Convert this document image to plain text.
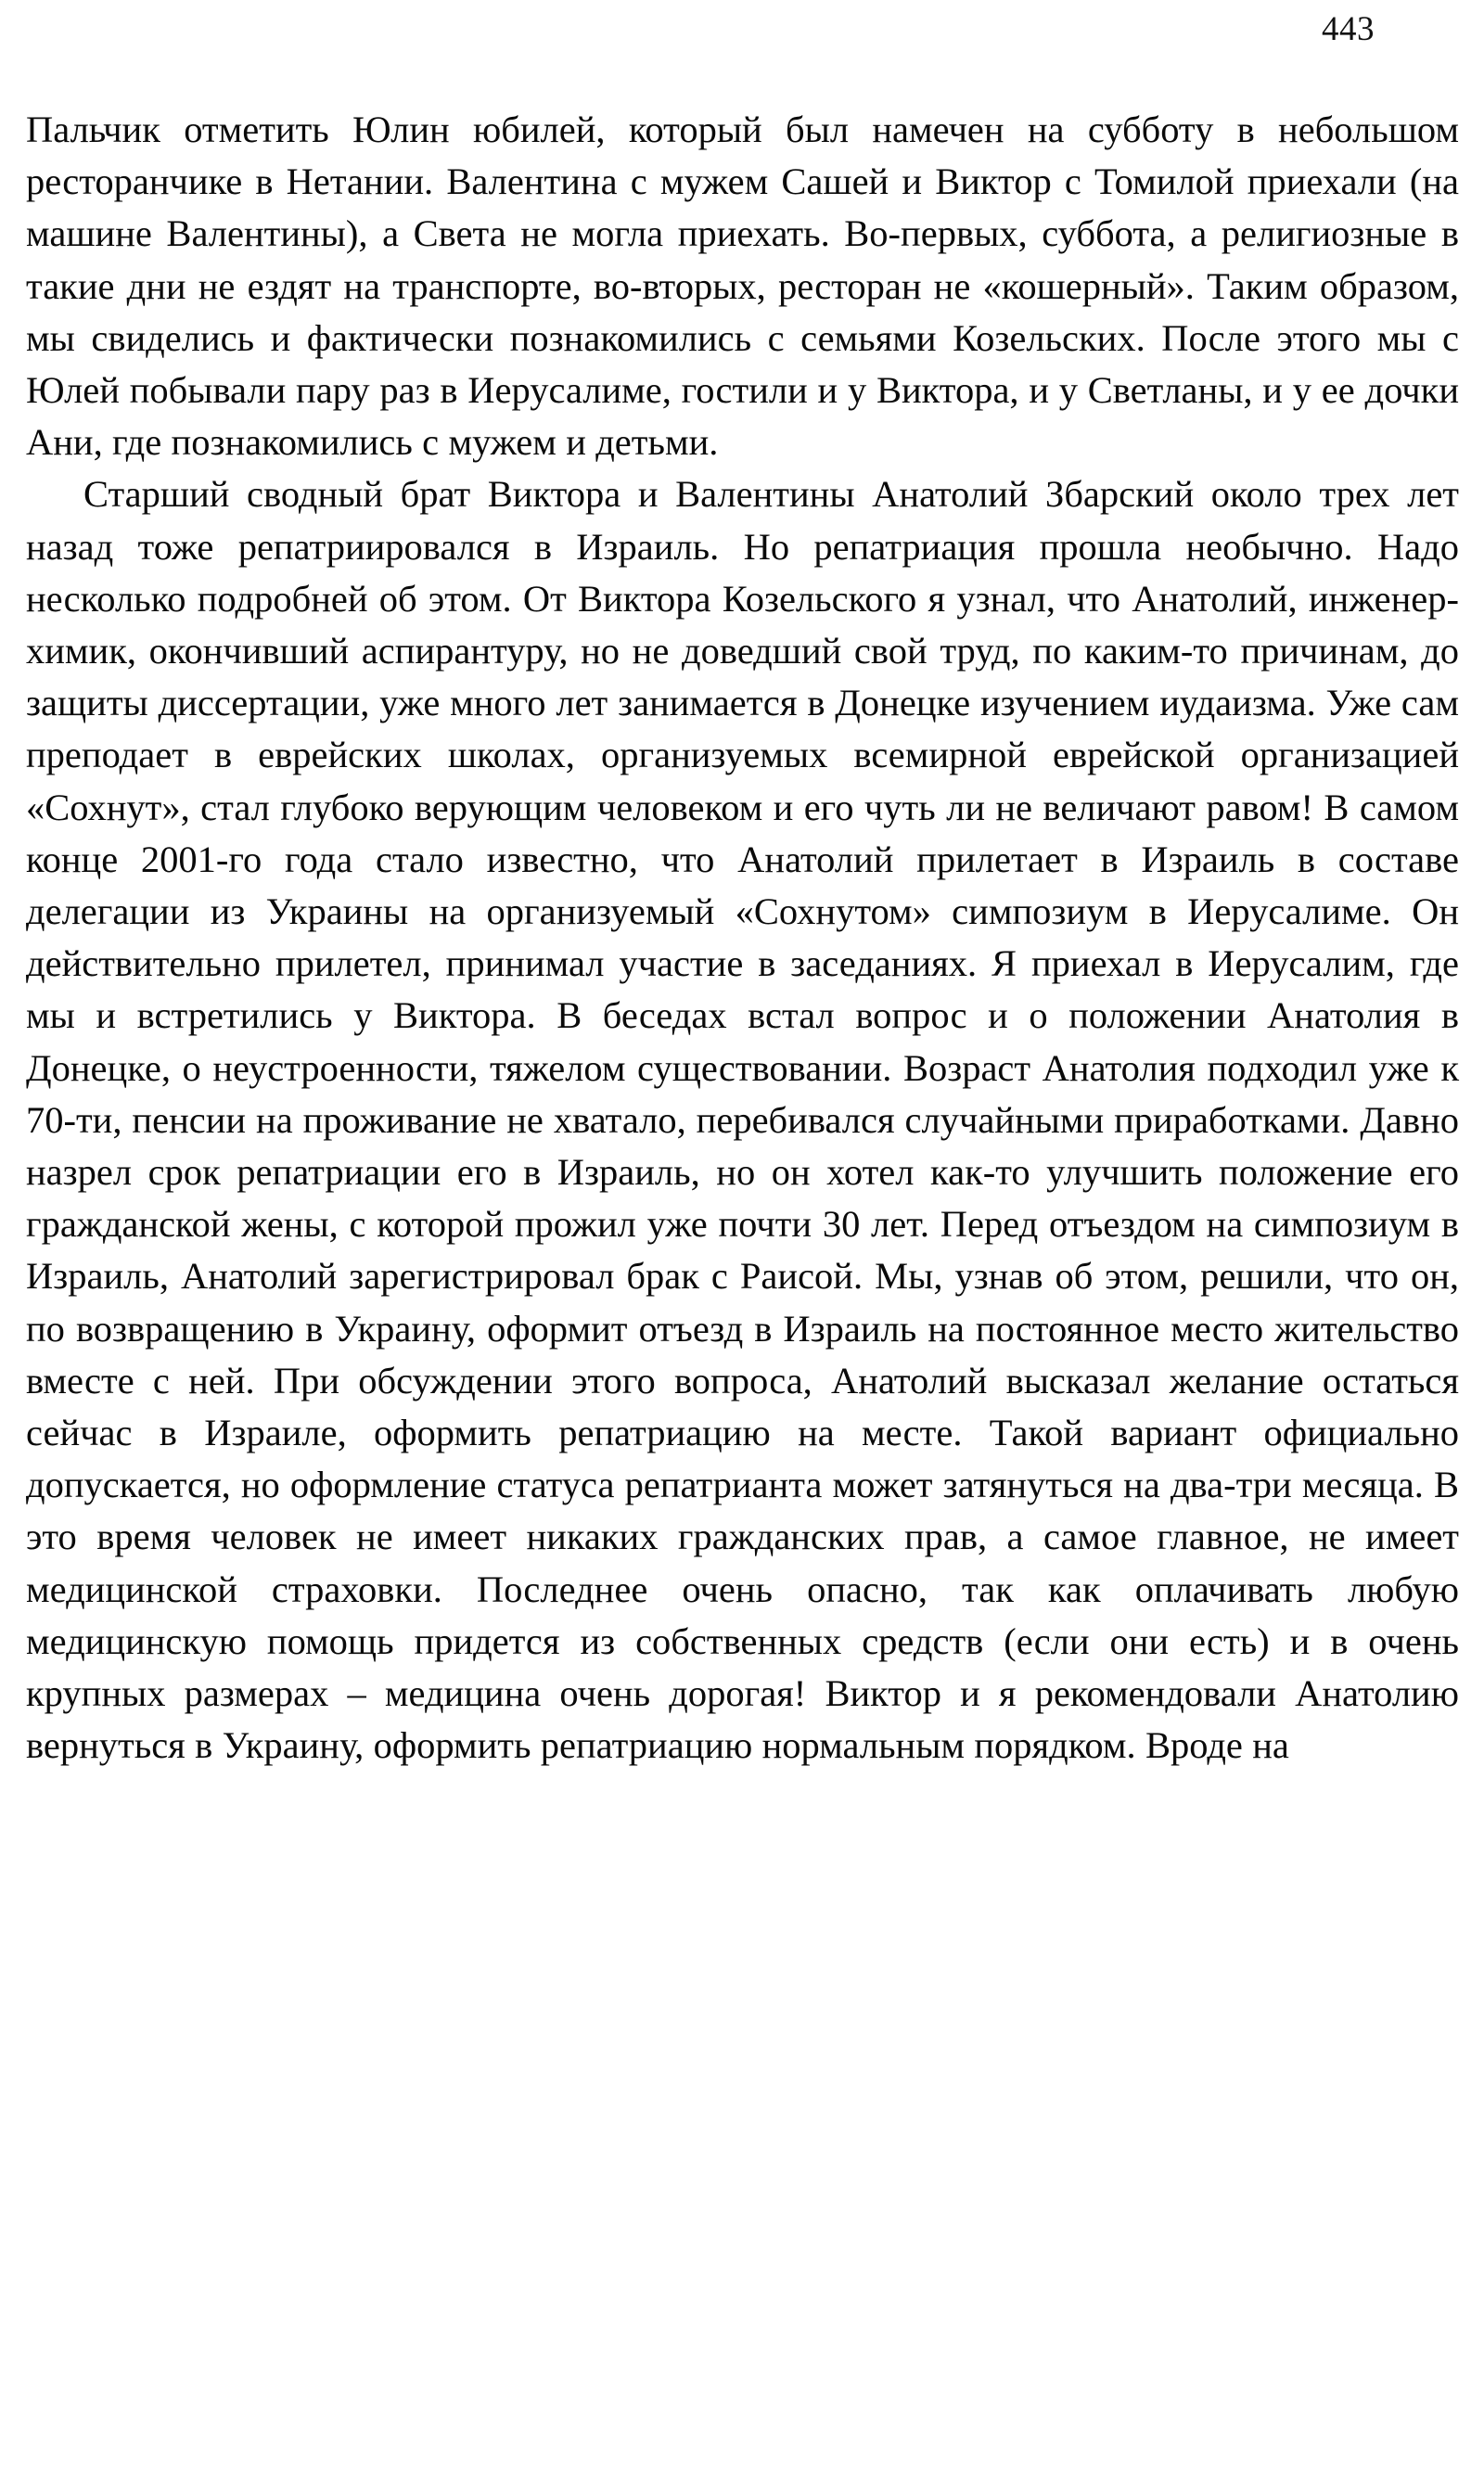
443

Пальчик отметить Юлин юбилей, который был намечен на субботу в небольшом ресторанчике в Нетании. Валентина с мужем Сашей и Виктор с Томилой приехали (на машине Валентины), а Света не могла приехать. Во-первых, суббота, а религиозные в такие дни не ездят на транспорте, во-вторых, ресторан не «кошерный». Таким образом, мы свиделись и фактически познакомились с семьями Козельских. После этого мы с Юлей побывали пару раз в Иерусалиме, гостили и у Виктора, и у Светланы, и у ее дочки Ани, где познакомились с мужем и детьми.

Старший сводный брат Виктора и Валентины Анатолий Збарский около трех лет назад тоже репатриировался в Израиль. Но репатриация прошла необычно. Надо несколько подробней об этом. От Виктора Козельского я узнал, что Анатолий, инженер-химик, окончивший аспирантуру, но не доведший свой труд, по каким-то причинам, до защиты диссертации, уже много лет занимается в Донецке изучением иудаизма. Уже сам преподает в еврейских школах, организуемых всемирной еврейской организацией «Сохнут», стал глубоко верующим человеком и его чуть ли не величают равом! В самом конце 2001-го года стало известно, что Анатолий прилетает в Израиль в составе делегации из Украины на организуемый «Сохнутом» симпозиум в Иерусалиме. Он действительно прилетел, принимал участие в заседаниях. Я приехал в Иерусалим, где мы и встретились у Виктора. В беседах встал вопрос и о положении Анатолия в Донецке, о неустроенности, тяжелом существовании. Возраст Анатолия подходил уже к 70-ти, пенсии на проживание не хватало, перебивался случайными приработками. Давно назрел срок репатриации его в Израиль, но он хотел как-то улучшить положение его гражданской жены, с которой прожил уже почти 30 лет. Перед отъездом на симпозиум в Израиль, Анатолий зарегистрировал брак с Раисой. Мы, узнав об этом, решили, что он, по возвращению в Украину, оформит отъезд в Израиль на постоянное место жительство вместе с ней. При обсуждении этого вопроса, Анатолий высказал желание остаться сейчас в Израиле, оформить репатриацию на месте. Такой вариант официально допускается, но оформление статуса репатрианта может затянуться на два-три месяца. В это время человек не имеет никаких гражданских прав, а самое главное, не имеет медицинской страховки. Последнее очень опасно, так как оплачивать любую медицинскую помощь придется из собственных средств (если они есть) и в очень крупных размерах – медицина очень дорогая! Виктор и я рекомендовали Анатолию вернуться в Украину, оформить репатриацию нормальным порядком. Вроде на
